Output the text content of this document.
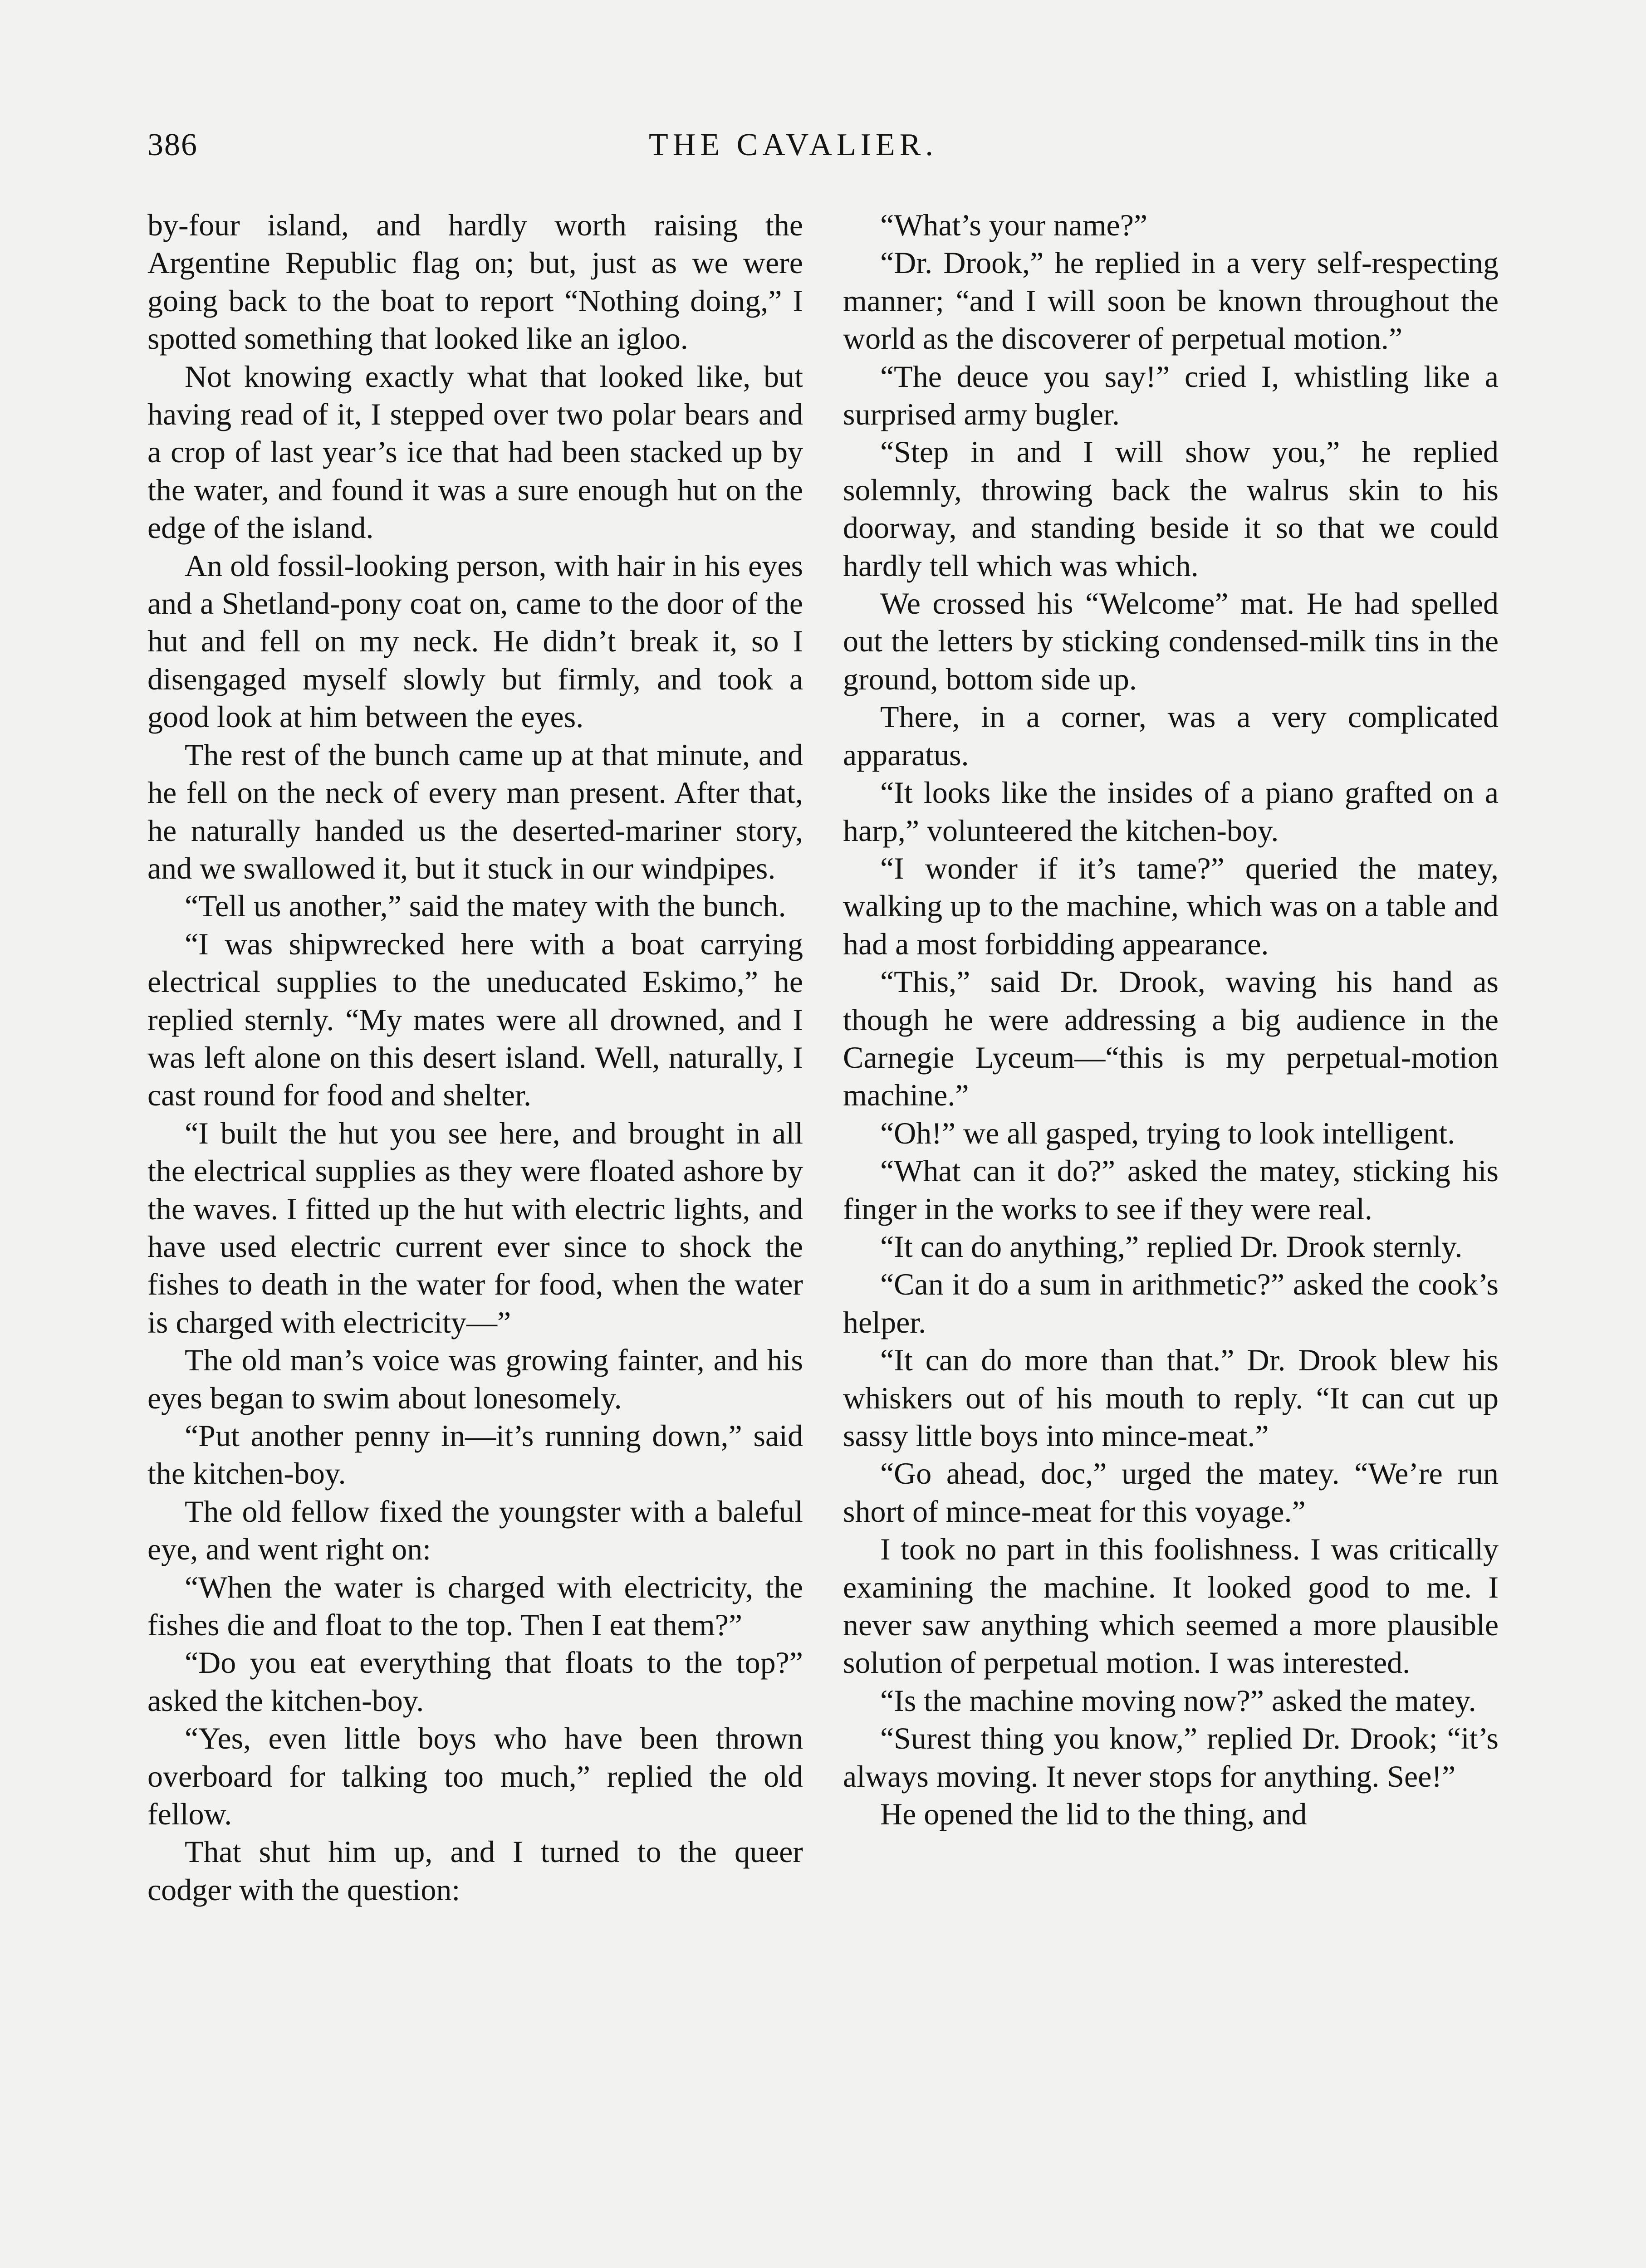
386	THE CAVALIER.

by-four island, and hardly worth raising the Argentine Republic flag on; but, just as we were going back to the boat to report “Nothing doing,” I spotted something that looked like an igloo.

Not knowing exactly what that looked like, but having read of it, I stepped over two polar bears and a crop of last year’s ice that had been stacked up by the water, and found it was a sure enough hut on the edge of the island.

An old fossil-looking person, with hair in his eyes and a Shetland-pony coat on, came to the door of the hut and fell on my neck. He didn’t break it, so I disengaged myself slowly but firmly, and took a good look at him between the eyes.

The rest of the bunch came up at that minute, and he fell on the neck of every man present. After that, he naturally handed us the deserted-mariner story, and we swallowed it, but it stuck in our windpipes.

“Tell us another,” said the matey with the bunch.

“I was shipwrecked here with a boat carrying electrical supplies to the uneducated Eskimo,” he replied sternly. “My mates were all drowned, and I was left alone on this desert island. Well, naturally, I cast round for food and shelter.

“I built the hut you see here, and brought in all the electrical supplies as they were floated ashore by the waves. I fitted up the hut with electric lights, and have used electric current ever since to shock the fishes to death in the water for food, when the water is charged with electricity—”

The old man’s voice was growing fainter, and his eyes began to swim about lonesomely.

“Put another penny in—it’s running down,” said the kitchen-boy.

The old fellow fixed the youngster with a baleful eye, and went right on:

“When the water is charged with electricity, the fishes die and float to the top. Then I eat them?”

“Do you eat everything that floats to the top?” asked the kitchen-boy.

“Yes, even little boys who have been thrown overboard for talking too much,” replied the old fellow.

That shut him up, and I turned to the queer codger with the question:

“What’s your name?”

“Dr. Drook,” he replied in a very self-respecting manner; “and I will soon be known throughout the world as the discoverer of perpetual motion.”

“The deuce you say!” cried I, whistling like a surprised army bugler.

“Step in and I will show you,” he replied solemnly, throwing back the walrus skin to his doorway, and standing beside it so that we could hardly tell which was which.

We crossed his “Welcome” mat. He had spelled out the letters by sticking condensed-milk tins in the ground, bottom side up.

There, in a corner, was a very complicated apparatus.

“It looks like the insides of a piano grafted on a harp,” volunteered the kitchen-boy.

“I wonder if it’s tame?” queried the matey, walking up to the machine, which was on a table and had a most forbidding appearance.

“This,” said Dr. Drook, waving his hand as though he were addressing a big audience in the Carnegie Lyceum—“this is my perpetual-motion machine.”

“Oh!” we all gasped, trying to look intelligent.

“What can it do?” asked the matey, sticking his finger in the works to see if they were real.

“It can do anything,” replied Dr. Drook sternly.

“Can it do a sum in arithmetic?” asked the cook’s helper.

“It can do more than that.” Dr. Drook blew his whiskers out of his mouth to reply. “It can cut up sassy little boys into mince-meat.”

“Go ahead, doc,” urged the matey. “We’re run short of mince-meat for this voyage.”

I took no part in this foolishness. I was critically examining the machine. It looked good to me. I never saw anything which seemed a more plausible solution of perpetual motion. I was interested.

“Is the machine moving now?” asked the matey.

“Surest thing you know,” replied Dr. Drook; “it’s always moving. It never stops for anything. See!”

He opened the lid to the thing, and
